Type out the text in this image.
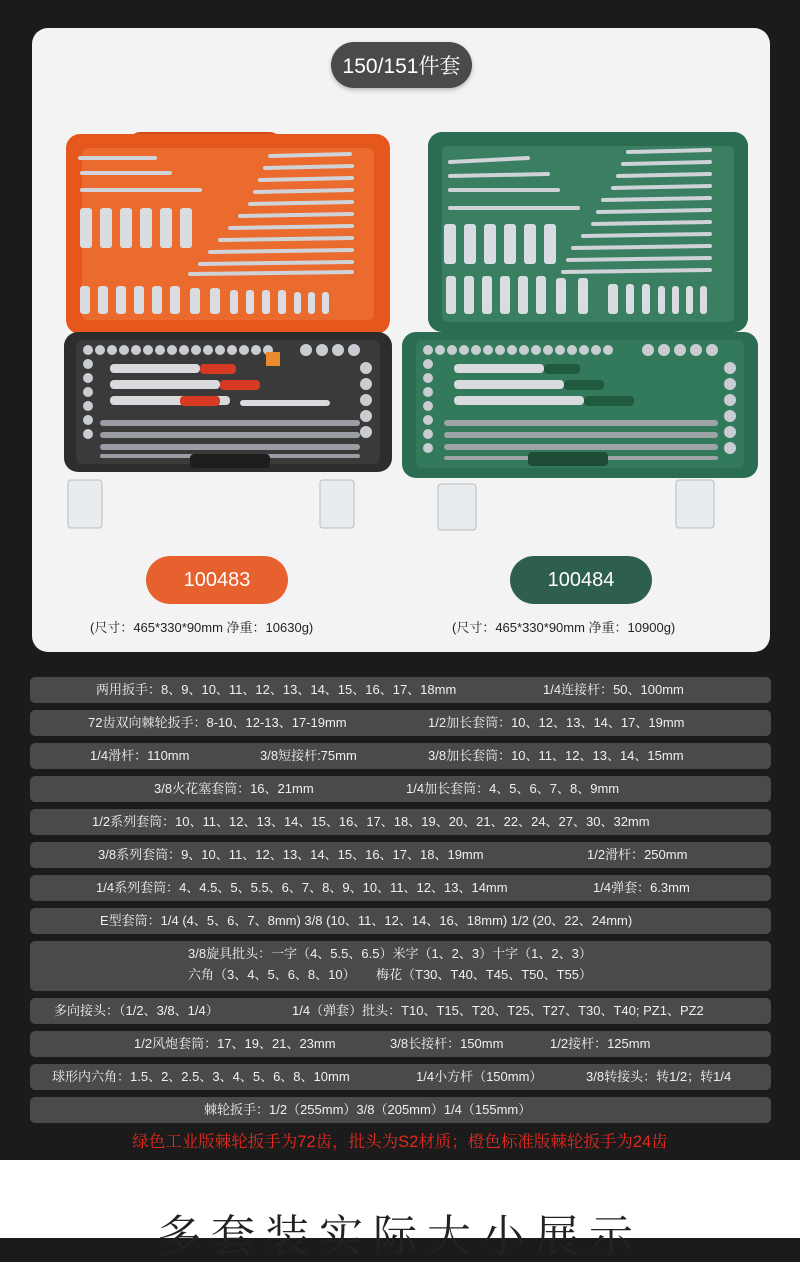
150/151件套
100483	100484
(尺寸：465*330*90mm 净重：10630g)	(尺寸：465*330*90mm 净重：10900g)
两用扳手：8、9、10、11、12、13、14、15、16、17、18mm	1/4连接杆：50、100mm
72齿双向棘轮扳手：8-10、12-13、17-19mm	1/2加长套筒：10、12、13、14、17、19mm
1/4滑杆：110mm	3/8短接杆:75mm	3/8加长套筒：10、11、12、13、14、15mm
3/8火花塞套筒：16、21mm	1/4加长套筒：4、5、6、7、8、9mm
1/2系列套筒：10、11、12、13、14、15、16、17、18、19、20、21、22、24、27、30、32mm
3/8系列套筒：9、10、11、12、13、14、15、16、17、18、19mm	1/2滑杆：250mm
1/4系列套筒：4、4.5、5、5.5、6、7、8、9、10、11、12、13、14mm	1/4弹套：6.3mm
E型套筒：1/4 (4、5、6、7、8mm) 3/8 (10、11、12、14、16、18mm) 1/2 (20、22、24mm)
3/8旋具批头：一字（4、5.5、6.5）米字（1、2、3）十字（1、2、3）
六角（3、4、5、6、8、10） 梅花（T30、T40、T45、T50、T55）
多向接头：（1/2、3/8、1/4）	1/4（弹套）批头：T10、T15、T20、T25、T27、T30、T40; PZ1、PZ2
1/2风炮套筒：17、19、21、23mm	3/8长接杆：150mm	1/2接杆：125mm
球形内六角：1.5、2、2.5、3、4、5、6、8、10mm	1/4小方杆（150mm）	3/8转接头：转1/2；转1/4
棘轮扳手：1/2（255mm）3/8（205mm）1/4（155mm）
绿色工业版棘轮扳手为72齿，批头为S2材质；橙色标准版棘轮扳手为24齿
多套装实际大小展示
